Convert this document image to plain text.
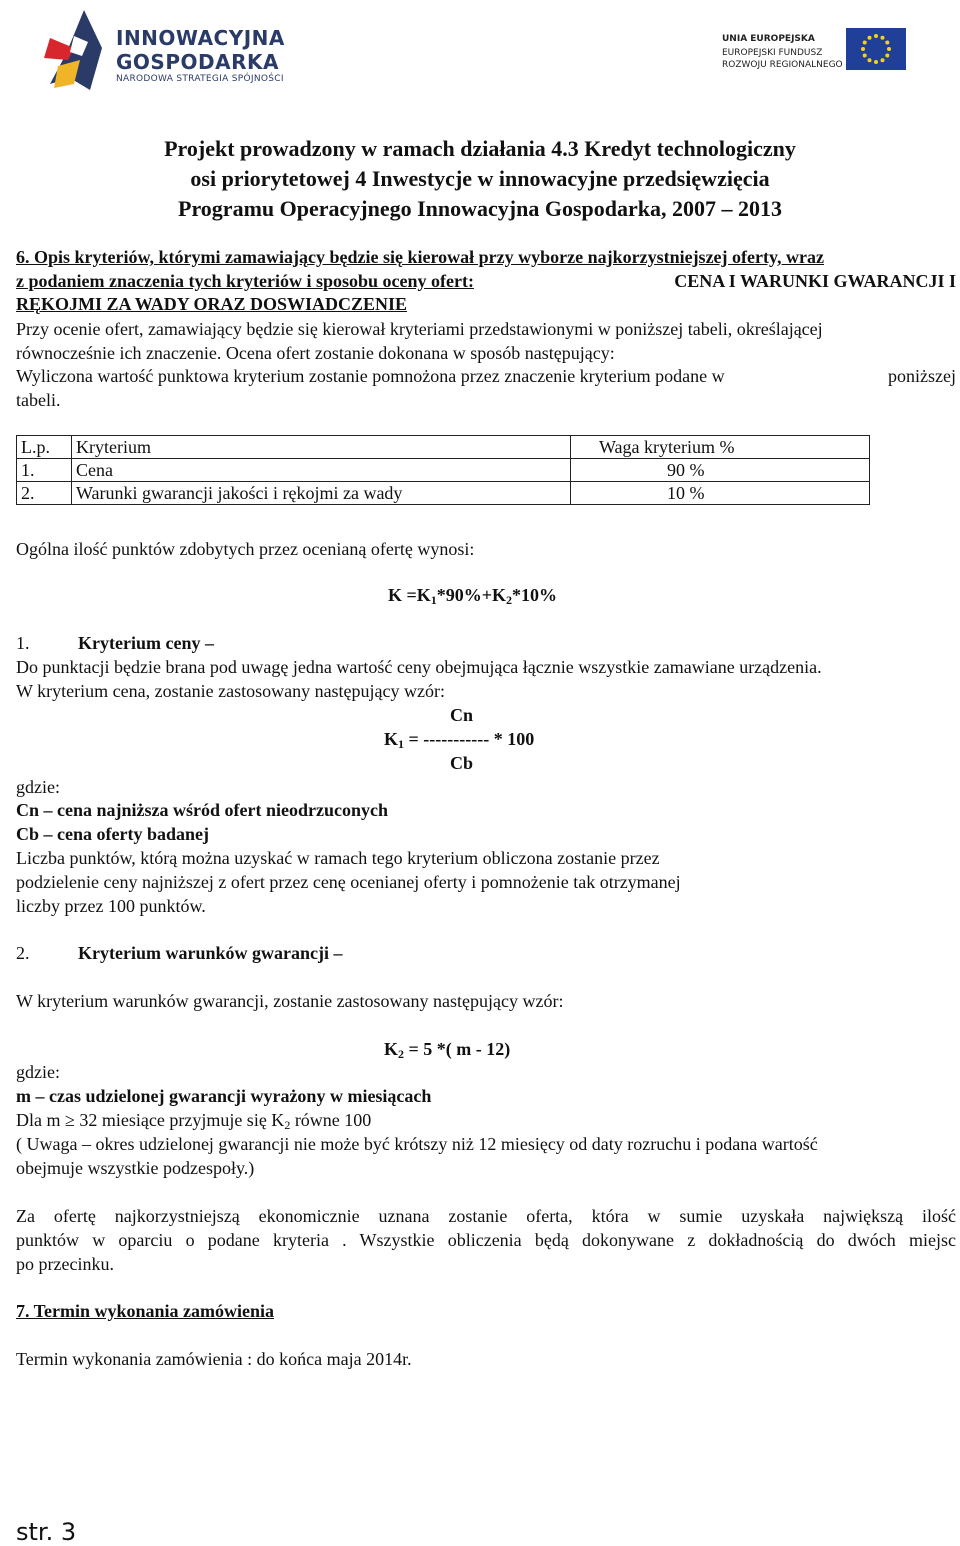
INNOWACYJNA
GOSPODARKA
NARODOWA STRATEGIA SPÓJNOŚCI
UNIA EUROPEJSKA
EUROPEJSKI FUNDUSZ
ROZWOJU REGIONALNEGO
Projekt prowadzony w ramach działania 4.3 Kredyt technologiczny
osi priorytetowej 4 Inwestycje w innowacyjne przedsięwzięcia
Programu Operacyjnego Innowacyjna Gospodarka, 2007 – 2013
6. Opis kryteriów, którymi zamawiający będzie się kierował przy wyborze najkorzystniejszej oferty, wraz
z podaniem znaczenia tych kryteriów i sposobu oceny ofert:	CENA I WARUNKI GWARANCJI I
RĘKOJMI ZA WADY ORAZ DOSWIADCZENIE
Przy ocenie ofert, zamawiający będzie się kierował kryteriami przedstawionymi w poniższej tabeli, określającej
równocześnie ich znaczenie. Ocena ofert zostanie dokonana w sposób następujący:
Wyliczona wartość punktowa kryterium zostanie pomnożona przez znaczenie kryterium podane w	poniższej
tabeli.
L.p.	Kryterium	Waga kryterium %
1.	Cena	90 %
2.	Warunki gwarancji jakości i rękojmi za wady	10 %
Ogólna ilość punktów zdobytych przez ocenianą ofertę wynosi:
$K =K_1*90\%+K_2*10\%$
1.	Kryterium ceny –
Do punktacji będzie brana pod uwagę jedna wartość ceny obejmująca łącznie wszystkie zamawiane urządzenia.
W kryterium cena, zostanie zastosowany następujący wzór:
Cn
$K_1$ = ----------- * 100
Cb
gdzie:
Cn – cena najniższa wśród ofert nieodrzuconych
Cb – cena oferty badanej
Liczba punktów, którą można uzyskać w ramach tego kryterium obliczona zostanie przez
podzielenie ceny najniższej z ofert przez cenę ocenianej oferty i pomnożenie tak otrzymanej
liczby przez 100 punktów.
2.	Kryterium warunków gwarancji –
W kryterium warunków gwarancji, zostanie zastosowany następujący wzór:
$K_2 = 5$ *( m - 12)
gdzie:
m – czas udzielonej gwarancji wyrażony w miesiącach
Dla m ≥ 32 miesiące przyjmuje się $K_2$ równe 100
( Uwaga – okres udzielonej gwarancji nie może być krótszy niż 12 miesięcy od daty rozruchu i podana wartość
obejmuje wszystkie podzespoły.)
Za ofertę najkorzystniejszą ekonomicznie uznana zostanie oferta, która w sumie uzyskała największą ilość
punktów w oparciu o podane kryteria . Wszystkie obliczenia będą dokonywane z dokładnością do dwóch miejsc
po przecinku.
7. Termin wykonania zamówienia
Termin wykonania zamówienia : do końca maja 2014r.
str. 3
